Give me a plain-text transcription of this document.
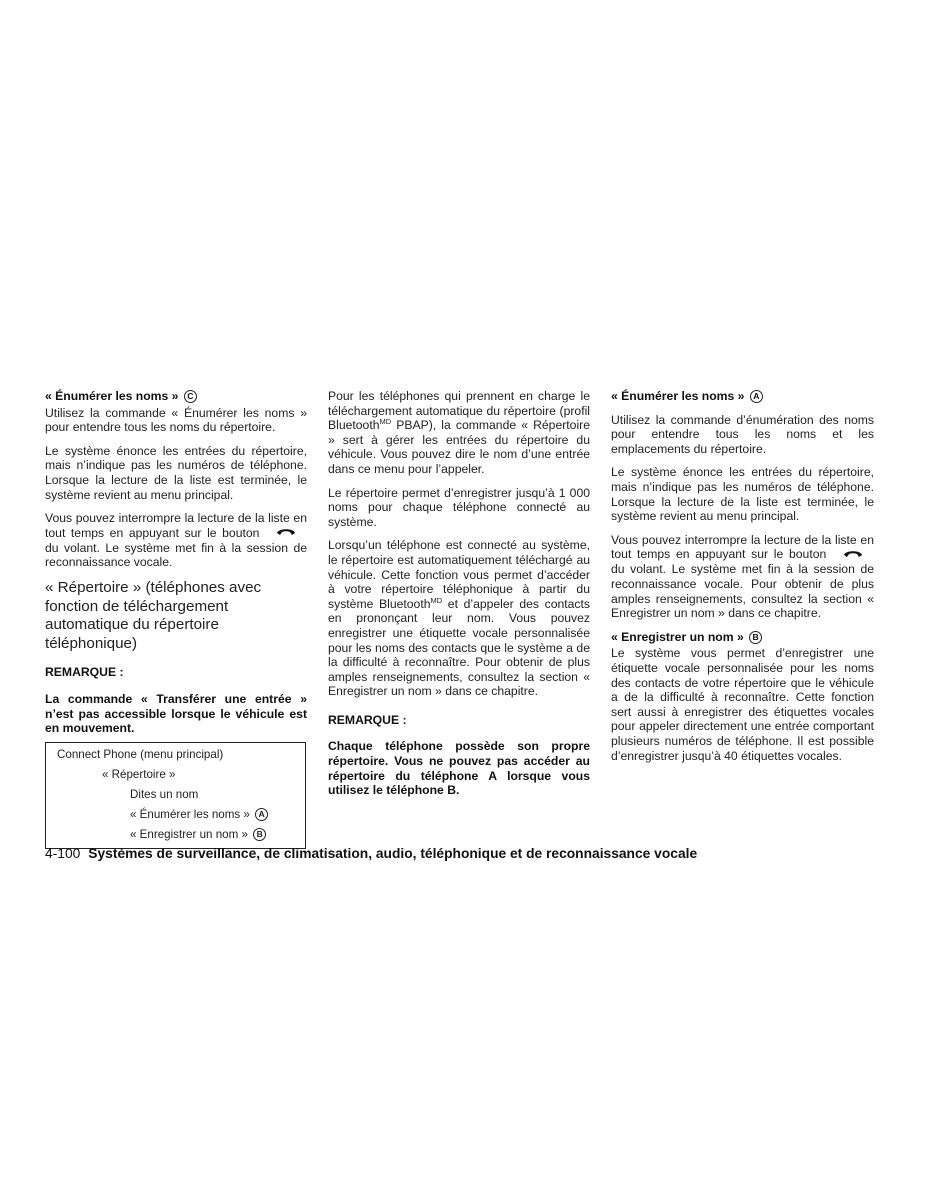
« Énumérer les noms » C

Utilisez la commande « Énumérer les noms » pour entendre tous les noms du répertoire.

Le système énonce les entrées du répertoire, mais n’indique pas les numéros de téléphone. Lorsque la lecture de la liste est terminée, le système revient au menu principal.

Vous pouvez interrompre la lecture de la liste en tout temps en appuyant sur le bouton  du volant. Le système met fin à la session de reconnaissance vocale.

« Répertoire » (téléphones avec fonction de téléchargement automatique du répertoire téléphonique)

REMARQUE :

La commande « Transférer une entrée » n’est pas accessible lorsque le véhicule est en mouvement.

Connect Phone (menu principal)
« Répertoire »
Dites un nom
« Énumérer les noms » A
« Enregistrer un nom » B

Pour les téléphones qui prennent en charge le téléchargement automatique du répertoire (profil Bluetooth$^{MD}$ PBAP), la commande « Répertoire » sert à gérer les entrées du répertoire du véhicule. Vous pouvez dire le nom d’une entrée dans ce menu pour l’appeler.

Le répertoire permet d’enregistrer jusqu’à 1 000 noms pour chaque téléphone connecté au système.

Lorsqu’un téléphone est connecté au système, le répertoire est automatiquement téléchargé au véhicule. Cette fonction vous permet d’accéder à votre répertoire téléphonique à partir du système Bluetooth$^{MD}$ et d’appeler des contacts en prononçant leur nom. Vous pouvez enregistrer une étiquette vocale personnalisée pour les noms des contacts que le système a de la difficulté à reconnaître. Pour obtenir de plus amples renseignements, consultez la section « Enregistrer un nom » dans ce chapitre.

REMARQUE :

Chaque téléphone possède son propre répertoire. Vous ne pouvez pas accéder au répertoire du téléphone A lorsque vous utilisez le téléphone B.

« Énumérer les noms » A

Utilisez la commande d’énumération des noms pour entendre tous les noms et les emplacements du répertoire.

Le système énonce les entrées du répertoire, mais n’indique pas les numéros de téléphone. Lorsque la lecture de la liste est terminée, le système revient au menu principal.

Vous pouvez interrompre la lecture de la liste en tout temps en appuyant sur le bouton  du volant. Le système met fin à la session de reconnaissance vocale. Pour obtenir de plus amples renseignements, consultez la section « Enregistrer un nom » dans ce chapitre.

« Enregistrer un nom » B

Le système vous permet d’enregistrer une étiquette vocale personnalisée pour les noms des contacts de votre répertoire que le véhicule a de la difficulté à reconnaître. Cette fonction sert aussi à enregistrer des étiquettes vocales pour appeler directement une entrée comportant plusieurs numéros de téléphone. Il est possible d’enregistrer jusqu’à 40 étiquettes vocales.

4-100 Systèmes de surveillance, de climatisation, audio, téléphonique et de reconnaissance vocale
